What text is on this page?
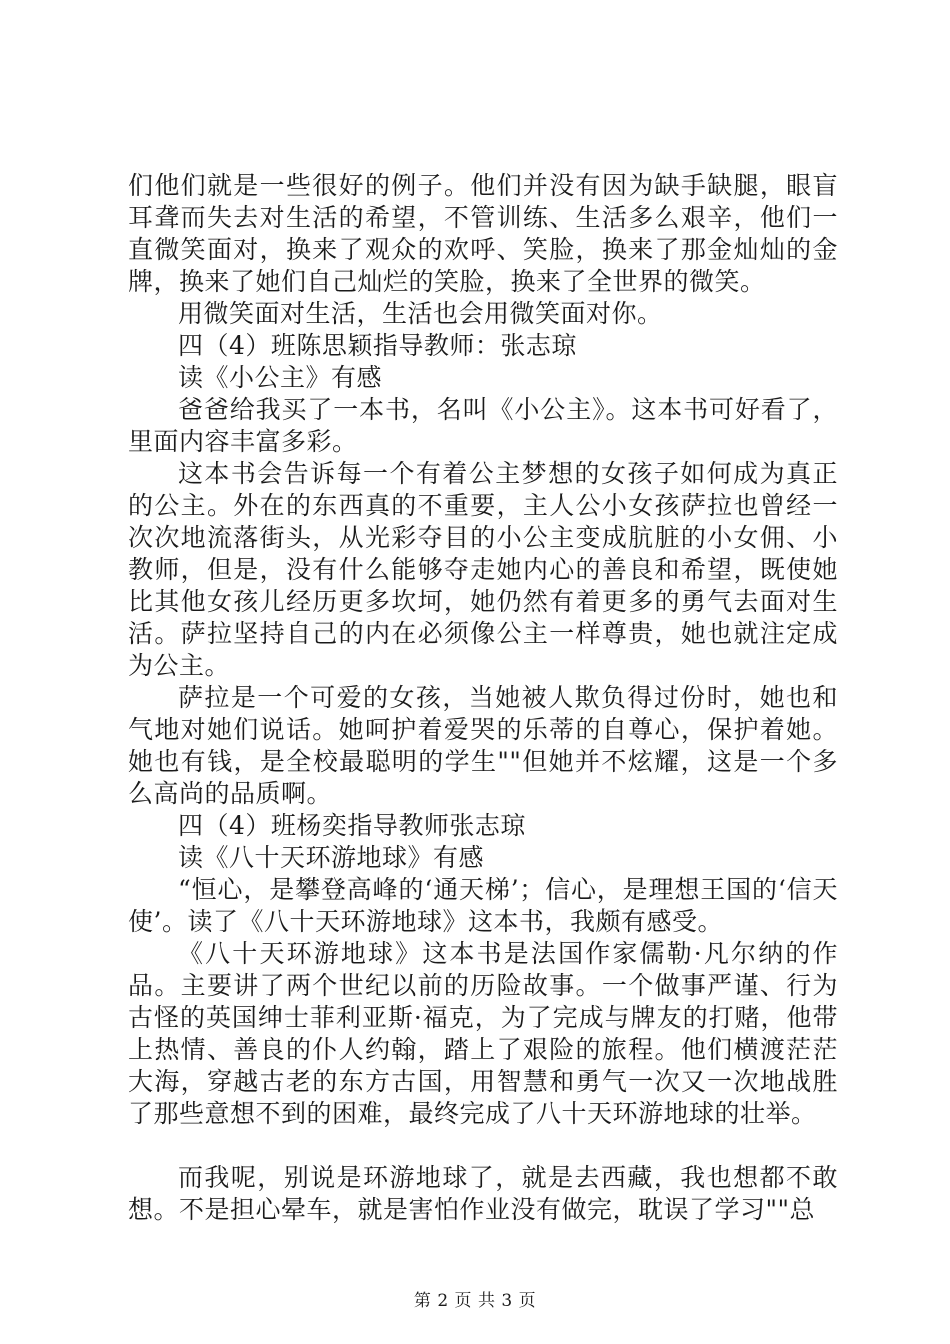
们他们就是一些很好的例子。他们并没有因为缺手缺腿，眼盲耳聋而失去对生活的希望，不管训练、生活多么艰辛，他们一直微笑面对，换来了观众的欢呼、笑脸，换来了那金灿灿的金牌，换来了她们自己灿烂的笑脸，换来了全世界的微笑。

用微笑面对生活，生活也会用微笑面对你。

四（4）班陈思颖指导教师：张志琼

读《小公主》有感

爸爸给我买了一本书，名叫《小公主》。这本书可好看了，里面内容丰富多彩。

这本书会告诉每一个有着公主梦想的女孩子如何成为真正的公主。外在的东西真的不重要，主人公小女孩萨拉也曾经一次次地流落街头，从光彩夺目的小公主变成肮脏的小女佣、小教师，但是，没有什么能够夺走她内心的善良和希望，既使她比其他女孩儿经历更多坎坷，她仍然有着更多的勇气去面对生活。萨拉坚持自己的内在必须像公主一样尊贵，她也就注定成为公主。

萨拉是一个可爱的女孩，当她被人欺负得过份时，她也和气地对她们说话。她呵护着爱哭的乐蒂的自尊心，保护着她。她也有钱，是全校最聪明的学生""但她并不炫耀，这是一个多么高尚的品质啊。

四（4）班杨奕指导教师张志琼

读《八十天环游地球》有感

“恒心，是攀登高峰的‘通天梯’；信心，是理想王国的‘信天使’。读了《八十天环游地球》这本书，我颇有感受。

《八十天环游地球》这本书是法国作家儒勒·凡尔纳的作品。主要讲了两个世纪以前的历险故事。一个做事严谨、行为古怪的英国绅士菲利亚斯·福克，为了完成与牌友的打赌，他带上热情、善良的仆人约翰，踏上了艰险的旅程。他们横渡茫茫大海，穿越古老的东方古国，用智慧和勇气一次又一次地战胜了那些意想不到的困难，最终完成了八十天环游地球的壮举。

而我呢，别说是环游地球了，就是去西藏，我也想都不敢想。不是担心晕车，就是害怕作业没有做完，耽误了学习""总

第 2 页 共 3 页
